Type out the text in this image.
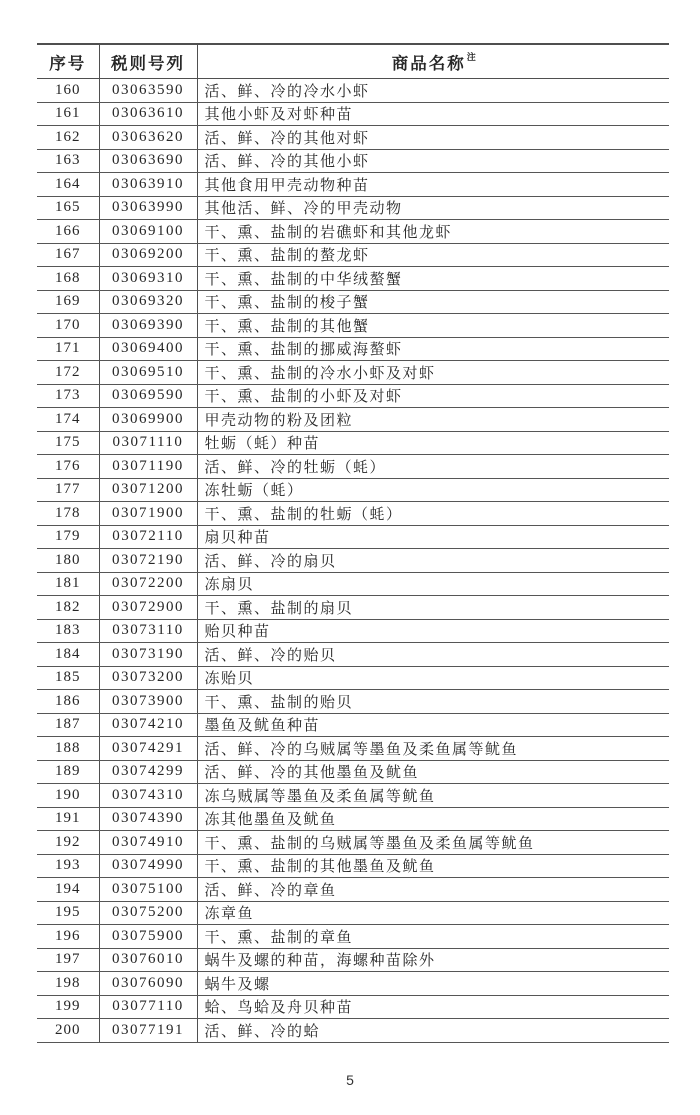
序号	税则号列	商品名称$^注$
160	03063590	活、鲜、冷的冷水小虾
161	03063610	其他小虾及对虾种苗
162	03063620	活、鲜、冷的其他对虾
163	03063690	活、鲜、冷的其他小虾
164	03063910	其他食用甲壳动物种苗
165	03063990	其他活、鲜、冷的甲壳动物
166	03069100	干、熏、盐制的岩礁虾和其他龙虾
167	03069200	干、熏、盐制的螯龙虾
168	03069310	干、熏、盐制的中华绒螯蟹
169	03069320	干、熏、盐制的梭子蟹
170	03069390	干、熏、盐制的其他蟹
171	03069400	干、熏、盐制的挪威海螯虾
172	03069510	干、熏、盐制的冷水小虾及对虾
173	03069590	干、熏、盐制的小虾及对虾
174	03069900	甲壳动物的粉及团粒
175	03071110	牡蛎（蚝）种苗
176	03071190	活、鲜、冷的牡蛎（蚝）
177	03071200	冻牡蛎（蚝）
178	03071900	干、熏、盐制的牡蛎（蚝）
179	03072110	扇贝种苗
180	03072190	活、鲜、冷的扇贝
181	03072200	冻扇贝
182	03072900	干、熏、盐制的扇贝
183	03073110	贻贝种苗
184	03073190	活、鲜、冷的贻贝
185	03073200	冻贻贝
186	03073900	干、熏、盐制的贻贝
187	03074210	墨鱼及鱿鱼种苗
188	03074291	活、鲜、冷的乌贼属等墨鱼及柔鱼属等鱿鱼
189	03074299	活、鲜、冷的其他墨鱼及鱿鱼
190	03074310	冻乌贼属等墨鱼及柔鱼属等鱿鱼
191	03074390	冻其他墨鱼及鱿鱼
192	03074910	干、熏、盐制的乌贼属等墨鱼及柔鱼属等鱿鱼
193	03074990	干、熏、盐制的其他墨鱼及鱿鱼
194	03075100	活、鲜、冷的章鱼
195	03075200	冻章鱼
196	03075900	干、熏、盐制的章鱼
197	03076010	蜗牛及螺的种苗，海螺种苗除外
198	03076090	蜗牛及螺
199	03077110	蛤、鸟蛤及舟贝种苗
200	03077191	活、鲜、冷的蛤
5
